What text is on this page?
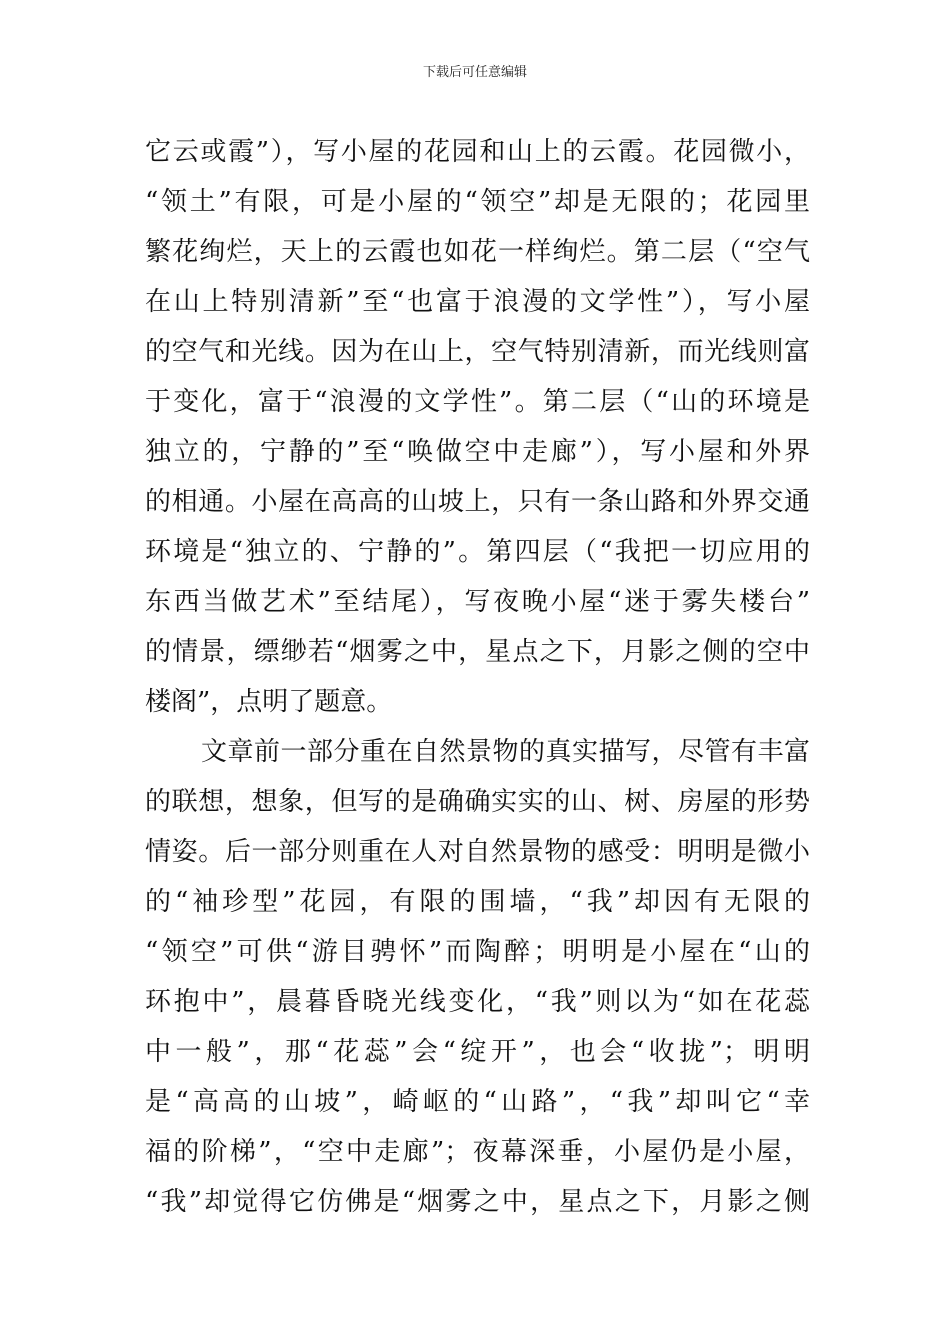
下载后可任意编辑
它云或霞”），写小屋的花园和山上的云霞。花园微小，
“领土”有限，可是小屋的“领空”却是无限的；花园里
繁花绚烂，天上的云霞也如花一样绚烂。第二层（“空气
在山上特别清新”至“也富于浪漫的文学性”），写小屋
的空气和光线。因为在山上，空气特别清新，而光线则富
于变化，富于“浪漫的文学性”。第二层（“山的环境是
独立的，宁静的”至“唤做空中走廊”），写小屋和外界
的相通。小屋在高高的山坡上，只有一条山路和外界交通
环境是“独立的、宁静的”。第四层（“我把一切应用的
东西当做艺术”至结尾），写夜晚小屋“迷于雾失楼台”
的情景，缥缈若“烟雾之中，星点之下，月影之侧的空中
楼阁”，点明了题意。
文章前一部分重在自然景物的真实描写，尽管有丰富
的联想，想象，但写的是确确实实的山、树、房屋的形势
情姿。后一部分则重在人对自然景物的感受：明明是微小
的“袖珍型”花园，有限的围墙，“我”却因有无限的
“领空”可供“游目骋怀”而陶醉；明明是小屋在“山的
环抱中”，晨暮昏晓光线变化，“我”则以为“如在花蕊
中一般”，那“花蕊”会“绽开”，也会“收拢”；明明
是“高高的山坡”，崎岖的“山路”，“我”却叫它“幸
福的阶梯”，“空中走廊”；夜幕深垂，小屋仍是小屋，
“我”却觉得它仿佛是“烟雾之中，星点之下，月影之侧
